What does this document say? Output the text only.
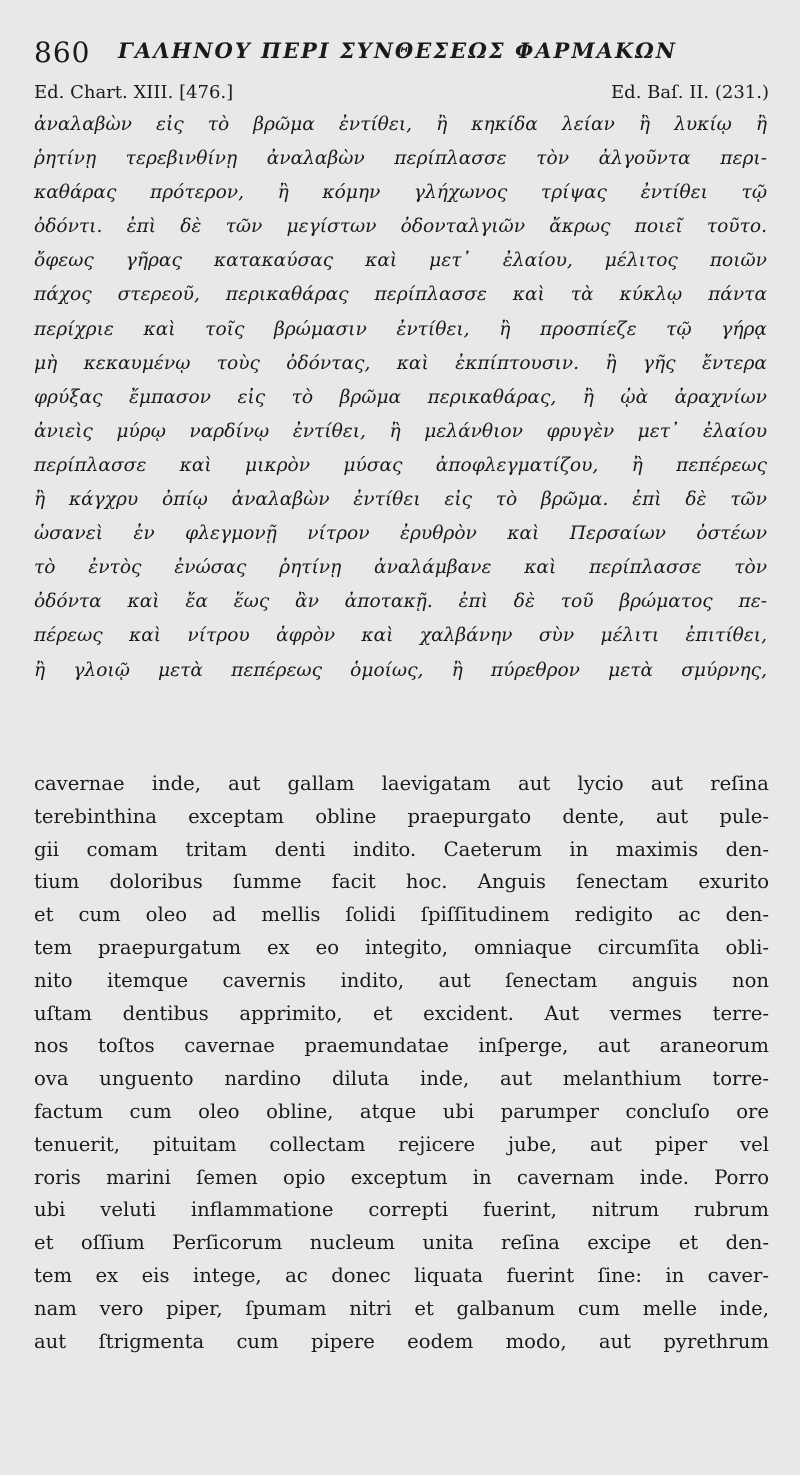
860 ΓΑΛΗΝΟΥ ΠΕΡΙ ΣΥΝΘΕΣΕΩΣ ΦΑΡΜΑΚΩΝ
Ed. Chart. XIII. [476.]	Ed. Baſ. II. (231.)
ἀναλαβὼν εἰς τὸ βρῶμα ἐντίθει, ἢ κηκίδα λείαν ἢ λυκίῳ ἢ
ῥητίνῃ τερεβινθίνῃ ἀναλαβὼν περίπλασσε τὸν ἀλγοῦντα περι-
καθάρας πρότερον, ἢ κόμην γλήχωνος τρίψας ἐντίθει τῷ
ὀδόντι. ἐπὶ δὲ τῶν μεγίστων ὀδονταλγιῶν ἄκρως ποιεῖ τοῦτο.
ὄφεως γῆρας κατακαύσας καὶ μετ᾽ ἐλαίου, μέλιτος ποιῶν
πάχος στερεοῦ, περικαθάρας περίπλασσε καὶ τὰ κύκλῳ πάντα
περίχριε καὶ τοῖς βρώμασιν ἐντίθει, ἢ προσπίεζε τῷ γήρᾳ
μὴ κεκαυμένῳ τοὺς ὀδόντας, καὶ ἐκπίπτουσιν. ἢ γῆς ἔντερα
φρύξας ἔμπασον εἰς τὸ βρῶμα περικαθάρας, ἢ ᾠὰ ἀραχνίων
ἀνιεὶς μύρῳ ναρδίνῳ ἐντίθει, ἢ μελάνθιον φρυγὲν μετ᾽ ἐλαίου
περίπλασσε καὶ μικρὸν μύσας ἀποφλεγματίζου, ἢ πεπέρεως
ἢ κάγχρυ ὀπίῳ ἀναλαβὼν ἐντίθει εἰς τὸ βρῶμα. ἐπὶ δὲ τῶν
ὡσανεὶ ἐν φλεγμονῇ νίτρον ἐρυθρὸν καὶ Περσαίων ὀστέων
τὸ ἐντὸς ἐνώσας ῥητίνῃ ἀναλάμβανε καὶ περίπλασσε τὸν
ὀδόντα καὶ ἔα ἕως ἂν ἀποτακῇ. ἐπὶ δὲ τοῦ βρώματος πε-
πέρεως καὶ νίτρου ἀφρὸν καὶ χαλβάνην σὺν μέλιτι ἐπιτίθει,
ἢ γλοιῷ μετὰ πεπέρεως ὁμοίως, ἢ πύρεθρον μετὰ σμύρνης,
cavernae inde, aut gallam laevigatam aut lycio aut reſina
terebinthina exceptam obline praepurgato dente, aut pule-
gii comam tritam denti indito. Caeterum in maximis den-
tium doloribus ſumme facit hoc. Anguis ſenectam exurito
et cum oleo ad mellis ſolidi ſpiſſitudinem redigito ac den-
tem praepurgatum ex eo integito, omniaque circumſita obli-
nito itemque cavernis indito, aut ſenectam anguis non
uſtam dentibus apprimito, et excident. Aut vermes terre-
nos toſtos cavernae praemundatae inſperge, aut araneorum
ova unguento nardino diluta inde, aut melanthium torre-
factum cum oleo obline, atque ubi parumper concluſo ore
tenuerit, pituitam collectam rejicere jube, aut piper vel
roris marini ſemen opio exceptum in cavernam inde. Porro
ubi veluti inflammatione correpti fuerint, nitrum rubrum
et oſſium Perſicorum nucleum unita reſina excipe et den-
tem ex eis intege, ac donec liquata fuerint ſine: in caver-
nam vero piper, ſpumam nitri et galbanum cum melle inde,
aut ſtrigmenta cum pipere eodem modo, aut pyrethrum
